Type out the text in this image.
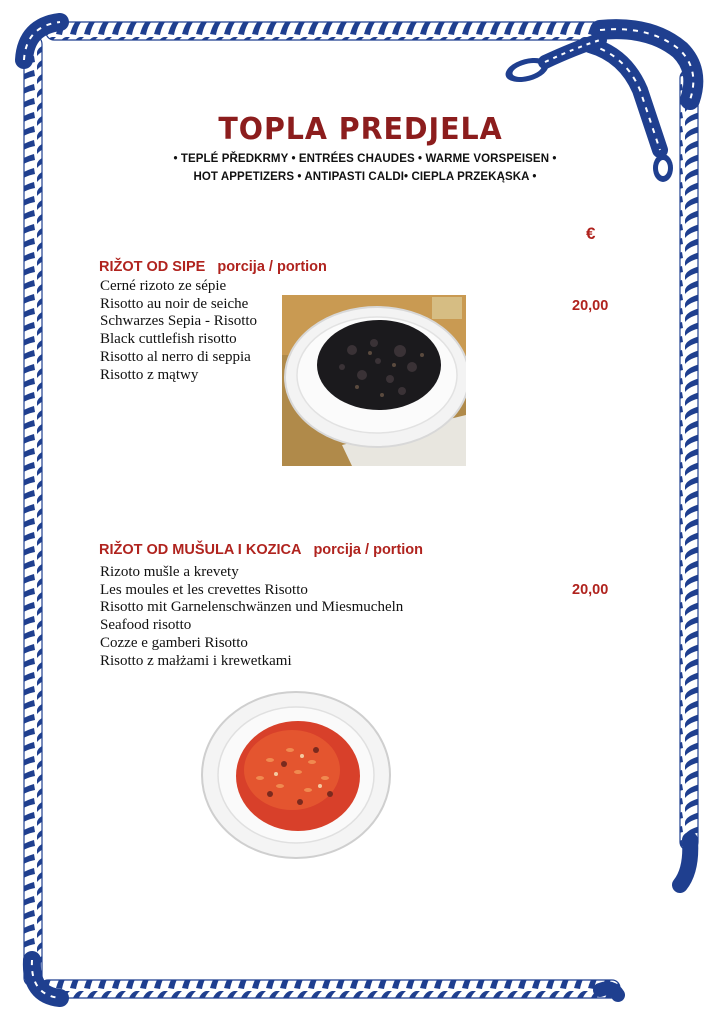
TOPLA PREDJELA
• TEPLÉ PŘEDKRMY • ENTRÉES CHAUDES • WARME VORSPEISEN •
HOT APPETIZERS • ANTIPASTI CALDI• CIEPLA PRZEKĄSKA •
€
RIŽOT OD SIPE porcija / portion
Cerné rizoto ze sépie
Risotto au noir de seiche
Schwarzes Sepia - Risotto
Black cuttlefish risotto
Risotto al nerro di seppia
Risotto z mątwy
20,00
RIŽOT OD MUŠULA I KOZICA porcija / portion
Rizoto mušle a krevety
Les moules et les crevettes Risotto
Risotto mit Garnelenschwänzen und Miesmucheln
Seafood risotto
Cozze e gamberi Risotto
Risotto z małżami i krewetkami
20,00
